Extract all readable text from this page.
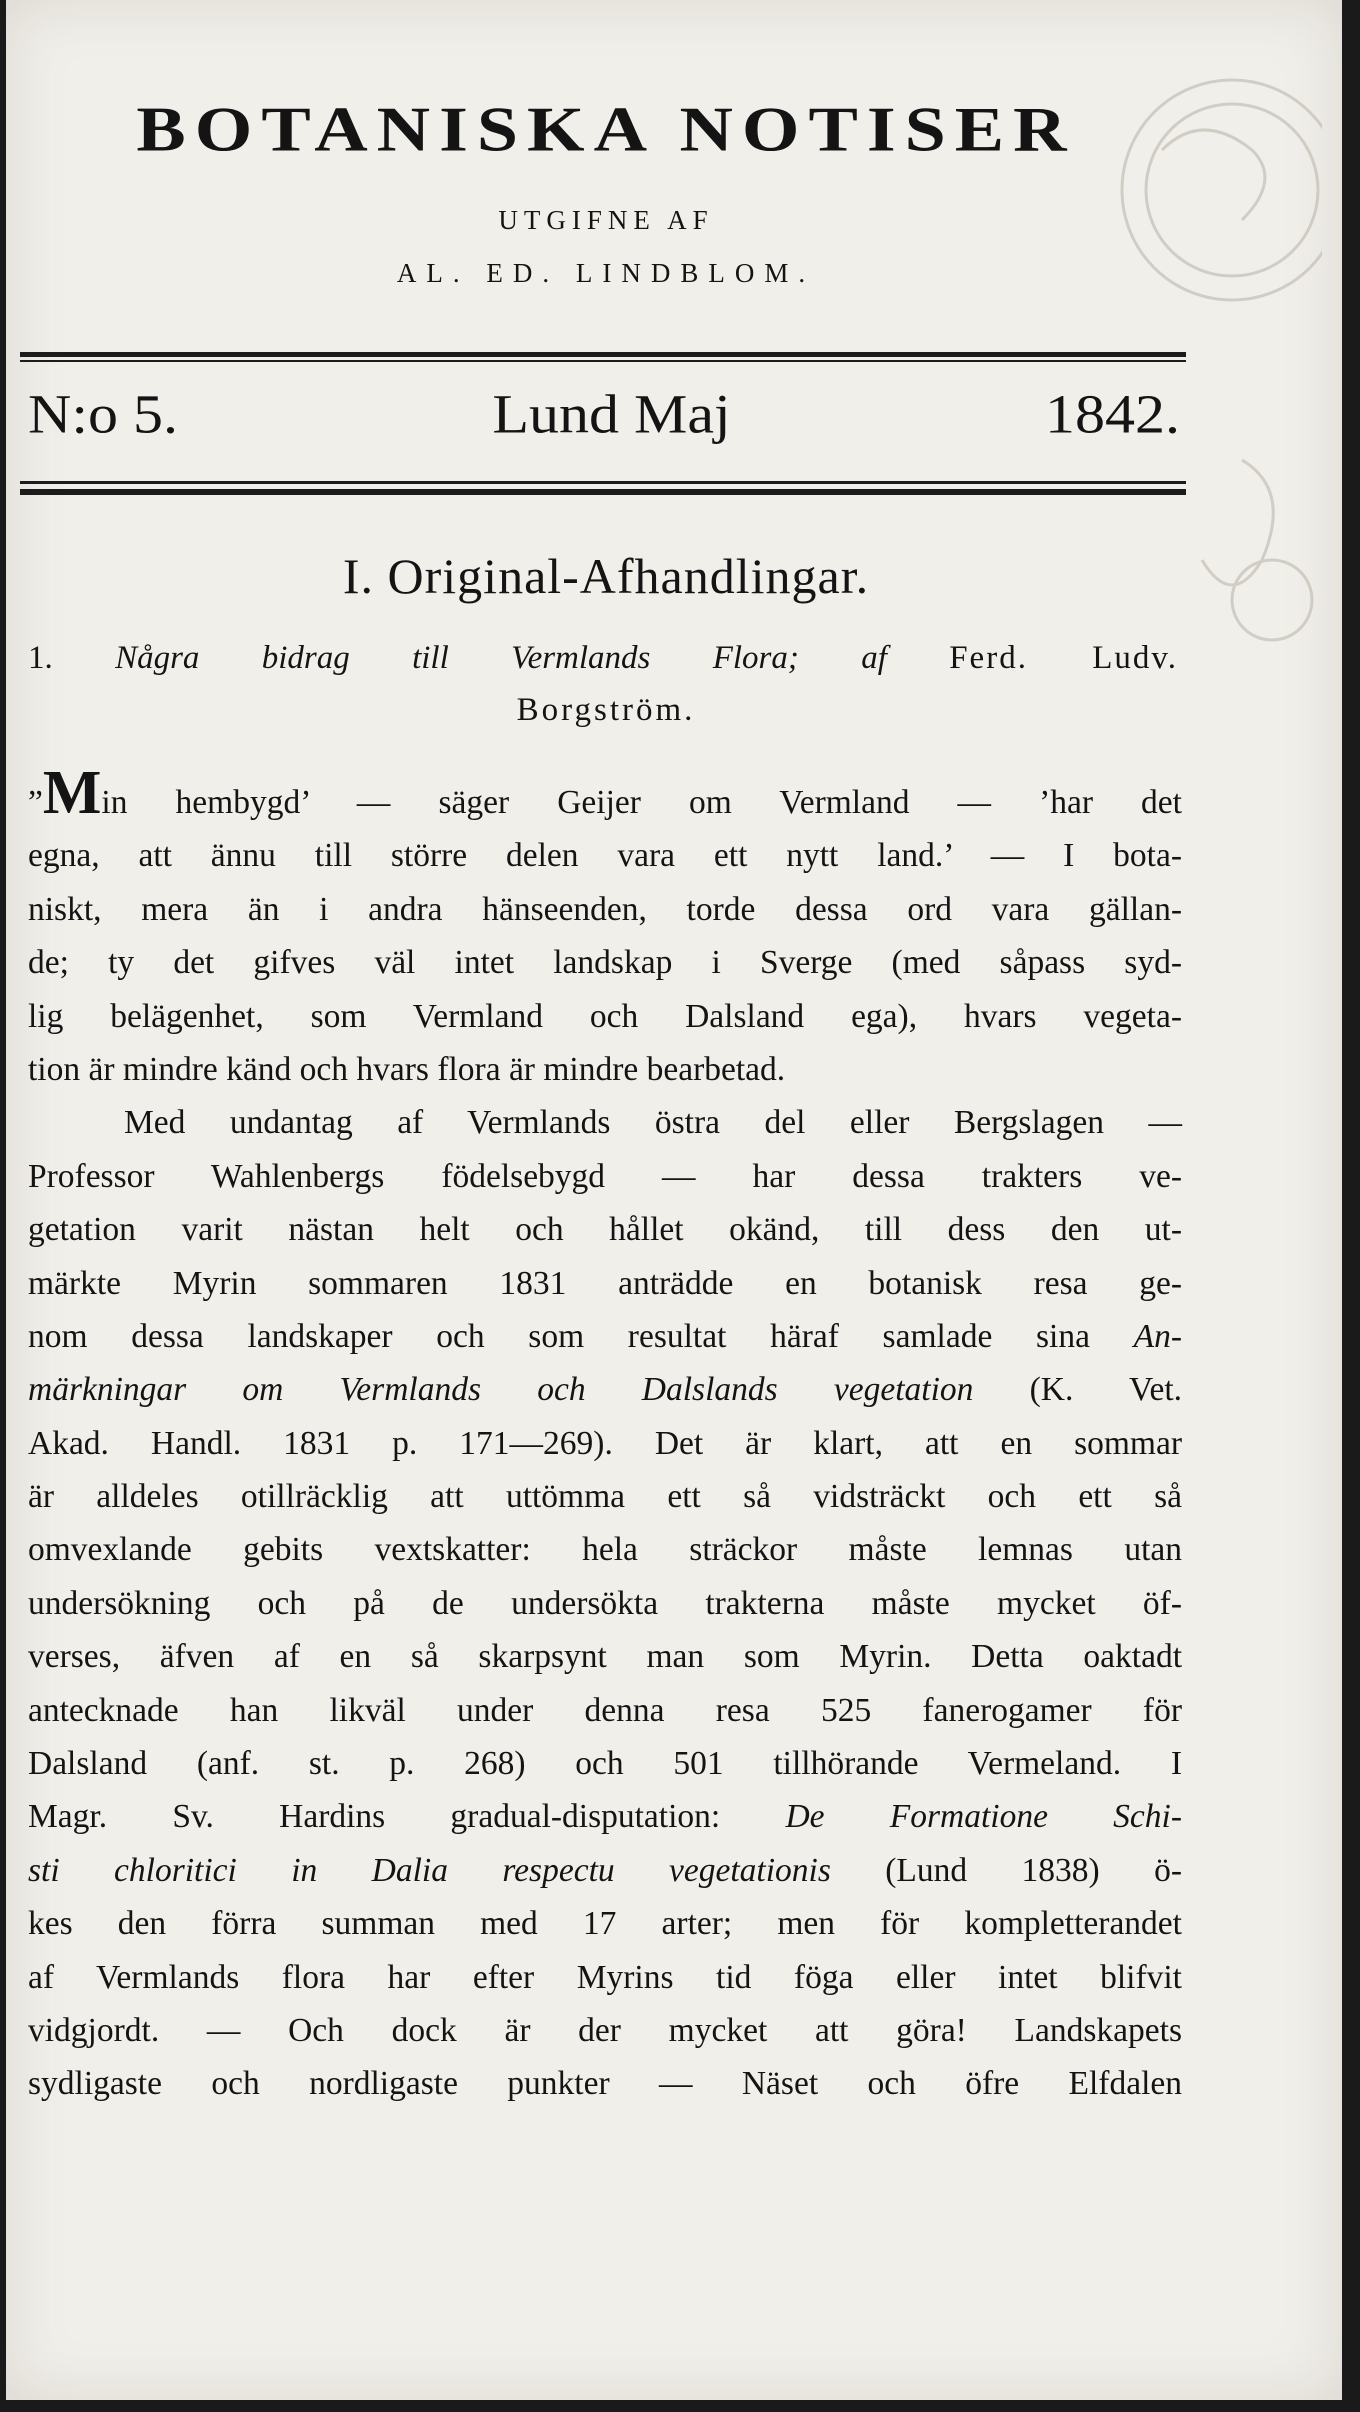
BOTANISKA NOTISER
UTGIFNE AF
AL. ED. LINDBLOM.
N:o 5.	Lund Maj	1842.
I. Original-Afhandlingar.
1. Några bidrag till Vermlands Flora; af Ferd. Ludv.
Borgström.
”Min hembygd’ — säger Geijer om Vermland — ’har det
egna, att ännu till större delen vara ett nytt land.’ — I bota-
niskt, mera än i andra hänseenden, torde dessa ord vara gällan-
de; ty det gifves väl intet landskap i Sverge (med såpass syd-
lig belägenhet, som Vermland och Dalsland ega), hvars vegeta-
tion är mindre känd och hvars flora är mindre bearbetad.
Med undantag af Vermlands östra del eller Bergslagen —
Professor Wahlenbergs födelsebygd — har dessa trakters ve-
getation varit nästan helt och hållet okänd, till dess den ut-
märkte Myrin sommaren 1831 anträdde en botanisk resa ge-
nom dessa landskaper och som resultat häraf samlade sina An-
märkningar om Vermlands och Dalslands vegetation (K. Vet.
Akad. Handl. 1831 p. 171—269). Det är klart, att en sommar
är alldeles otillräcklig att uttömma ett så vidsträckt och ett så
omvexlande gebits vextskatter: hela sträckor måste lemnas utan
undersökning och på de undersökta trakterna måste mycket öf-
verses, äfven af en så skarpsynt man som Myrin. Detta oaktadt
antecknade han likväl under denna resa 525 fanerogamer för
Dalsland (anf. st. p. 268) och 501 tillhörande Vermeland. I
Magr. Sv. Hardins gradual-disputation: De Formatione Schi-
sti chloritici in Dalia respectu vegetationis (Lund 1838) ö-
kes den förra summan med 17 arter; men för kompletterandet
af Vermlands flora har efter Myrins tid föga eller intet blifvit
vidgjordt. — Och dock är der mycket att göra! Landskapets
sydligaste och nordligaste punkter — Näset och öfre Elfdalen
